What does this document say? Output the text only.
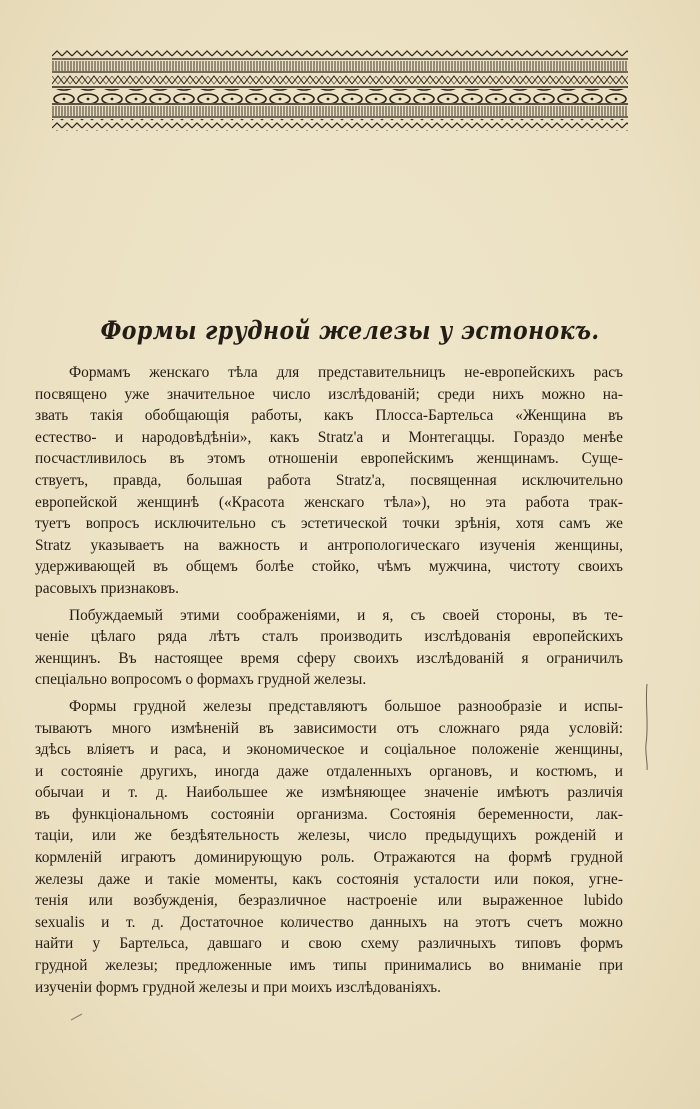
Формы грудной железы у эстонокъ.

Формамъ женскаго тѣла для представительницъ не-европейскихъ расъ
посвящено уже значительное число изслѣдованій; среди нихъ можно на-
звать такія обобщающія работы, какъ Плосса-Бартельса «Женщина въ
естество- и народовѣдѣніи», какъ Stratz'а и Монтегаццы. Гораздо менѣе
посчастливилось въ этомъ отношеніи европейскимъ женщинамъ. Суще-
ствуетъ, правда, большая работа Stratz'а, посвященная исключительно
европейской женщинѣ («Красота женскаго тѣла»), но эта работа трак-
туетъ вопросъ исключительно съ эстетической точки зрѣнія, хотя самъ же
Stratz указываетъ на важность и антропологическаго изученія женщины,
удерживающей въ общемъ болѣе стойко, чѣмъ мужчина, чистоту своихъ
расовыхъ признаковъ.

Побуждаемый этими соображеніями, и я, съ своей стороны, въ те-
ченіе цѣлаго ряда лѣтъ сталъ производить изслѣдованія европейскихъ
женщинъ. Въ настоящее время сферу своихъ изслѣдованій я ограничилъ
спеціально вопросомъ о формахъ грудной железы.

Формы грудной железы представляютъ большое разнообразіе и испы-
тываютъ много измѣненій въ зависимости отъ сложнаго ряда условій:
здѣсь вліяетъ и раса, и экономическое и соціальное положеніе женщины,
и состояніе другихъ, иногда даже отдаленныхъ органовъ, и костюмъ, и
обычаи и т. д. Наибольшее же измѣняющее значеніе имѣютъ различія
въ функціональномъ состояніи организма. Состоянія беременности, лак-
таціи, или же бездѣятельность железы, число предыдущихъ рожденій и
кормленій играютъ доминирующую роль. Отражаются на формѣ грудной
железы даже и такіе моменты, какъ состоянія усталости или покоя, угне-
тенія или возбужденія, безразличное настроеніе или выраженное lubido
sexualis и т. д. Достаточное количество данныхъ на этотъ счетъ можно
найти у Бартельса, давшаго и свою схему различныхъ типовъ формъ
грудной железы; предложенные имъ типы принимались во вниманіе при
изученіи формъ грудной железы и при моихъ изслѣдованіяхъ.
